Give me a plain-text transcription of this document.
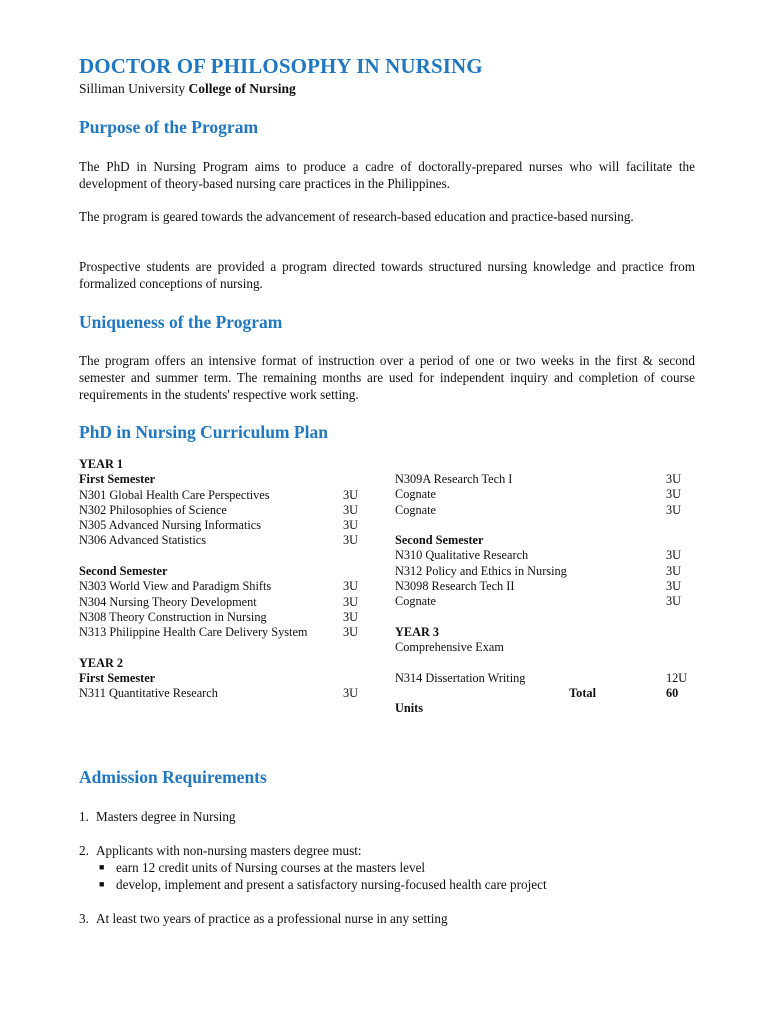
DOCTOR OF PHILOSOPHY IN NURSING
Silliman University College of Nursing
Purpose of the Program

The PhD in Nursing Program aims to produce a cadre of doctorally-prepared nurses who will facilitate the development of theory-based nursing care practices in the Philippines.

The program is geared towards the advancement of research-based education and practice-based nursing.

Prospective students are provided a program directed towards structured nursing knowledge and practice from formalized conceptions of nursing.

Uniqueness of the Program

The program offers an intensive format of instruction over a period of one or two weeks in the first & second semester and summer term. The remaining months are used for independent inquiry and completion of course requirements in the students' respective work setting.

PhD in Nursing Curriculum Plan
YEAR 1
First Semester
N301 Global Health Care Perspectives	3U
N302 Philosophies of Science	3U
N305 Advanced Nursing Informatics	3U
N306 Advanced Statistics	3U
Second Semester
N303 World View and Paradigm Shifts	3U
N304 Nursing Theory Development	3U
N308 Theory Construction in Nursing	3U
N313 Philippine Health Care Delivery System	3U
YEAR 2
First Semester
N311 Quantitative Research	3U
N309A Research Tech I	3U
Cognate	3U
Cognate	3U
Second Semester
N310 Qualitative Research	3U
N312 Policy and Ethics in Nursing	3U
N3098 Research Tech II	3U
Cognate	3U
YEAR 3
Comprehensive Exam
N314 Dissertation Writing	12U
Total	60
Units
Admission Requirements
1. Masters degree in Nursing
2. Applicants with non-nursing masters degree must:
■ earn 12 credit units of Nursing courses at the masters level
■ develop, implement and present a satisfactory nursing-focused health care project
3. At least two years of practice as a professional nurse in any setting
